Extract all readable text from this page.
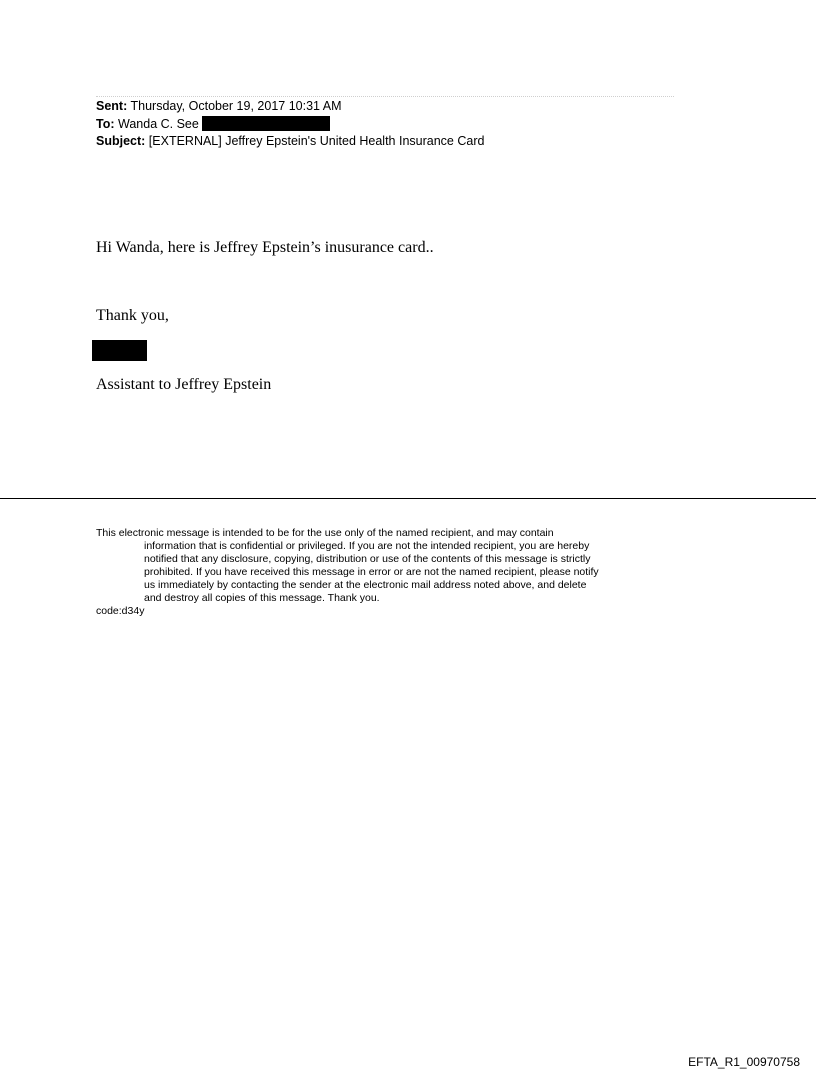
Sent: Thursday, October 19, 2017 10:31 AM
To: Wanda C. See
Subject: [EXTERNAL] Jeffrey Epstein's United Health Insurance Card
Hi Wanda, here is Jeffrey Epstein’s inusurance card..
Thank you,
Assistant to Jeffrey Epstein

This electronic message is intended to be for the use only of the named recipient, and may contain
information that is confidential or privileged. If you are not the intended recipient, you are hereby
notified that any disclosure, copying, distribution or use of the contents of this message is strictly
prohibited. If you have received this message in error or are not the named recipient, please notify
us immediately by contacting the sender at the electronic mail address noted above, and delete
and destroy all copies of this message. Thank you.

code:d34y
EFTA_R1_00970758
